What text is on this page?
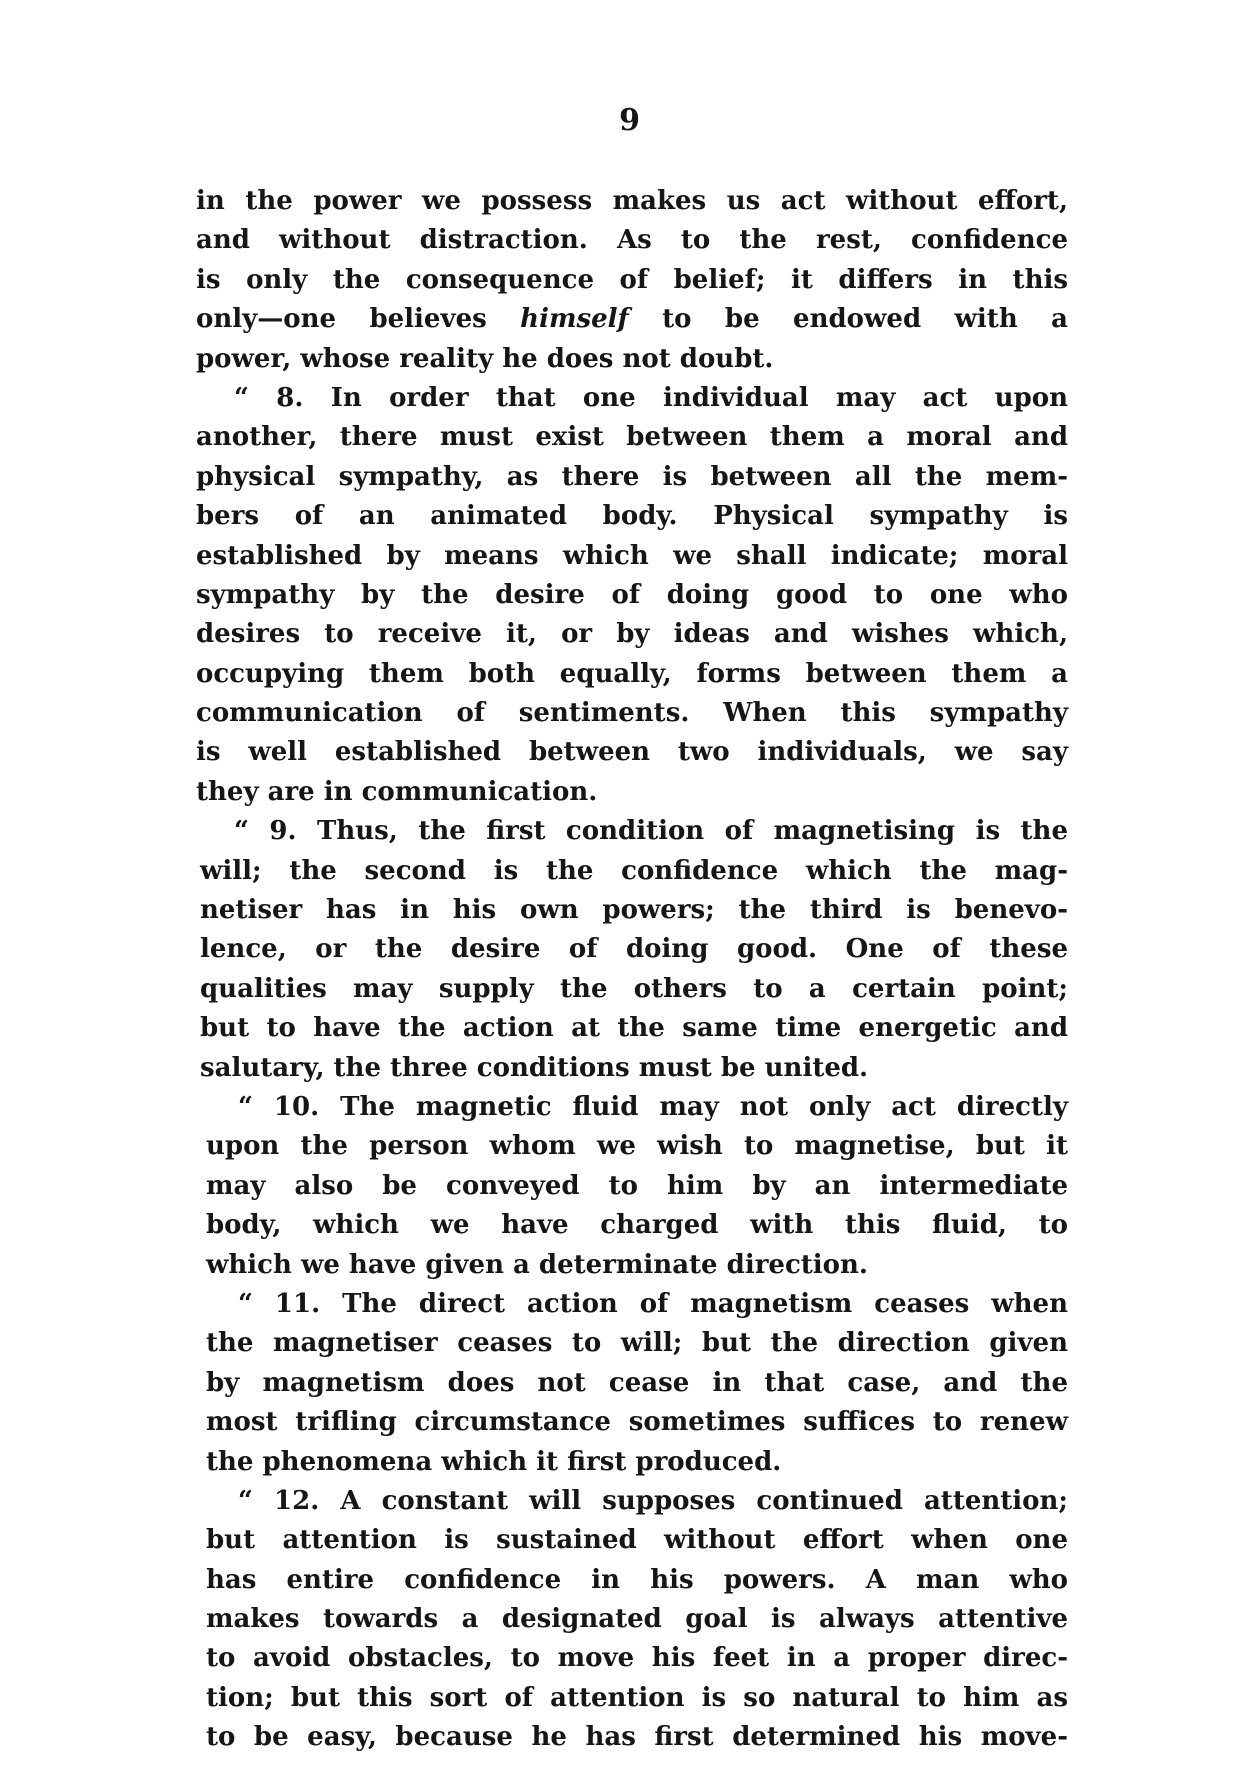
9
in the power we possess makes us act without effort,
and without distraction. As to the rest, confidence
is only the consequence of belief; it differs in this
only—one believes himself to be endowed with a
power, whose reality he does not doubt.
“ 8. In order that one individual may act upon
another, there must exist between them a moral and
physical sympathy, as there is between all the mem-
bers of an animated body. Physical sympathy is
established by means which we shall indicate; moral
sympathy by the desire of doing good to one who
desires to receive it, or by ideas and wishes which,
occupying them both equally, forms between them a
communication of sentiments. When this sympathy
is well established between two individuals, we say
they are in communication.
“ 9. Thus, the first condition of magnetising is the
will; the second is the confidence which the mag-
netiser has in his own powers; the third is benevo-
lence, or the desire of doing good. One of these
qualities may supply the others to a certain point;
but to have the action at the same time energetic and
salutary, the three conditions must be united.
“ 10. The magnetic fluid may not only act directly
upon the person whom we wish to magnetise, but it
may also be conveyed to him by an intermediate
body, which we have charged with this fluid, to
which we have given a determinate direction.
“ 11. The direct action of magnetism ceases when
the magnetiser ceases to will; but the direction given
by magnetism does not cease in that case, and the
most trifling circumstance sometimes suffices to renew
the phenomena which it first produced.
“ 12. A constant will supposes continued attention;
but attention is sustained without effort when one
has entire confidence in his powers. A man who
makes towards a designated goal is always attentive
to avoid obstacles, to move his feet in a proper direc-
tion; but this sort of attention is so natural to him as
to be easy, because he has first determined his move-
